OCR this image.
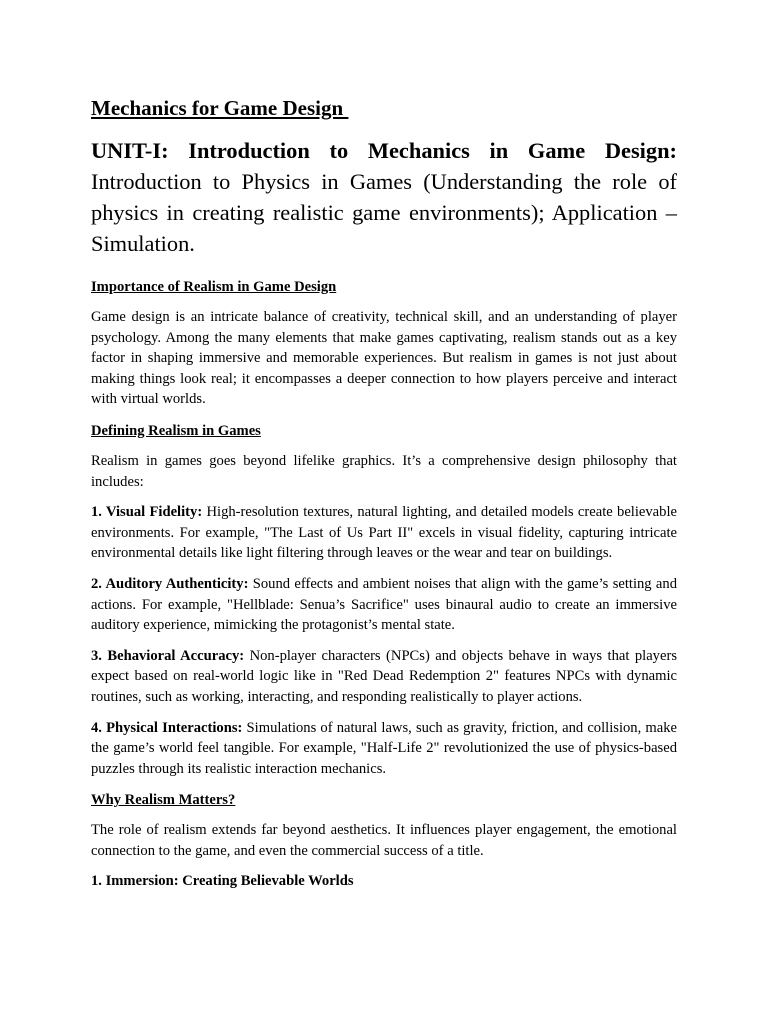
Mechanics for Game Design

UNIT-I: Introduction to Mechanics in Game Design: Introduction to Physics in Games (Understanding the role of physics in creating realistic game environments); Application – Simulation.

Importance of Realism in Game Design

Game design is an intricate balance of creativity, technical skill, and an understanding of player psychology. Among the many elements that make games captivating, realism stands out as a key factor in shaping immersive and memorable experiences. But realism in games is not just about making things look real; it encompasses a deeper connection to how players perceive and interact with virtual worlds.

Defining Realism in Games

Realism in games goes beyond lifelike graphics. It’s a comprehensive design philosophy that includes:

1. Visual Fidelity: High-resolution textures, natural lighting, and detailed models create believable environments. For example, "The Last of Us Part II" excels in visual fidelity, capturing intricate environmental details like light filtering through leaves or the wear and tear on buildings.

2. Auditory Authenticity: Sound effects and ambient noises that align with the game’s setting and actions. For example, "Hellblade: Senua’s Sacrifice" uses binaural audio to create an immersive auditory experience, mimicking the protagonist’s mental state.

3. Behavioral Accuracy: Non-player characters (NPCs) and objects behave in ways that players expect based on real-world logic like in "Red Dead Redemption 2" features NPCs with dynamic routines, such as working, interacting, and responding realistically to player actions.

4. Physical Interactions: Simulations of natural laws, such as gravity, friction, and collision, make the game’s world feel tangible. For example, "Half-Life 2" revolutionized the use of physics-based puzzles through its realistic interaction mechanics.

Why Realism Matters?

The role of realism extends far beyond aesthetics. It influences player engagement, the emotional connection to the game, and even the commercial success of a title.

1. Immersion: Creating Believable Worlds
